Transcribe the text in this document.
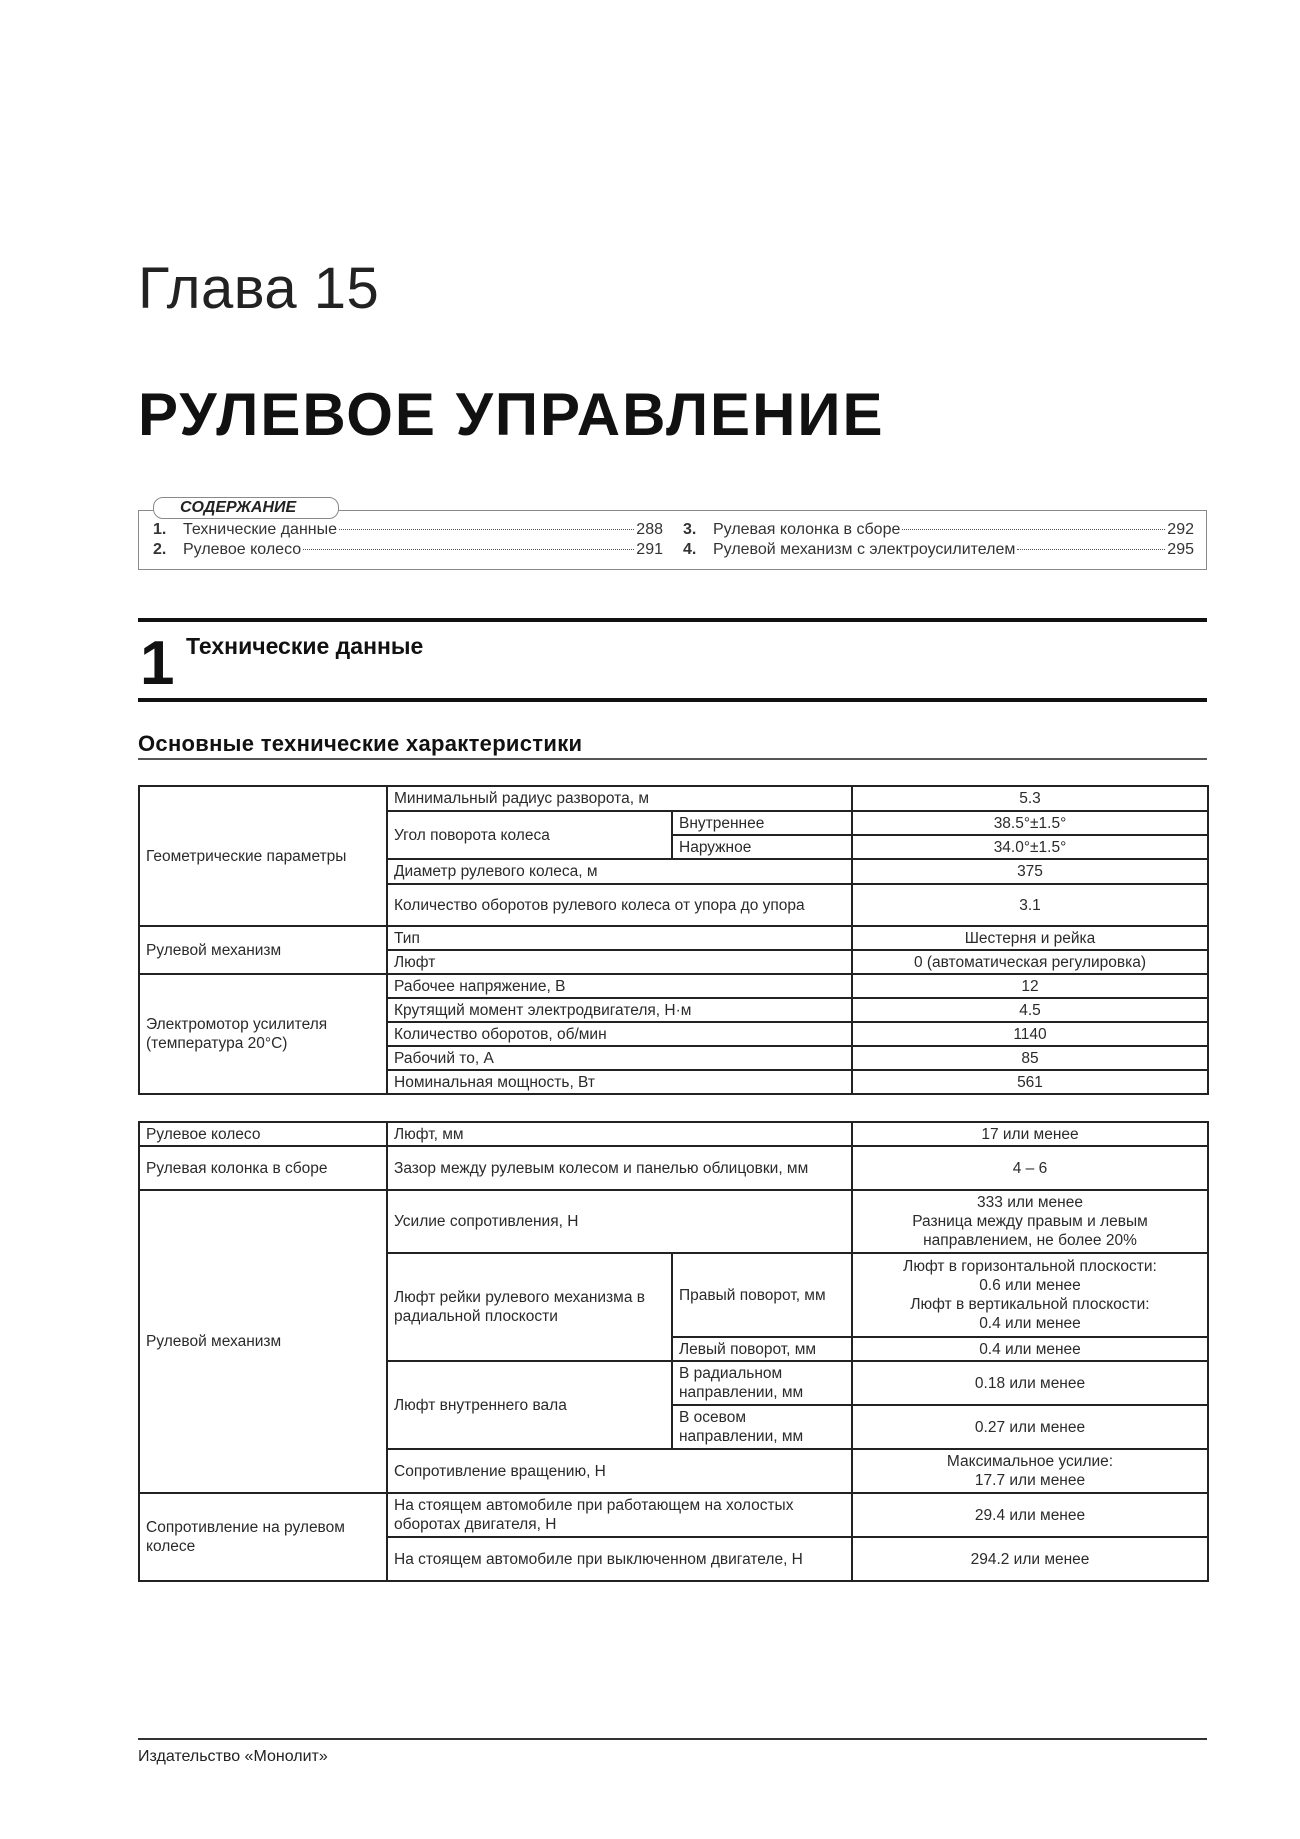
Глава 15
РУЛЕВОЕ УПРАВЛЕНИЕ
СОДЕРЖАНИЕ
1.	Технические данные	288
2.	Рулевое колесо	291
3.	Рулевая колонка в сборе	292
4.	Рулевой механизм с электроусилителем	295
1 Технические данные
Основные технические характеристики
Геометрические параметры	Минимальный радиус разворота, м		5.3
	Угол поворота колеса	Внутреннее	38.5°±1.5°
		Наружное	34.0°±1.5°
	Диаметр рулевого колеса, м		375
	Количество оборотов рулевого колеса от упора до упора		3.1
Рулевой механизм	Тип		Шестерня и рейка
	Люфт		0 (автоматическая регулировка)
Электромотор усилителя (температура 20°С)	Рабочее напряжение, В		12
	Крутящий момент электродвигателя, Н·м		4.5
	Количество оборотов, об/мин		1140
	Рабочий то, А		85
	Номинальная мощность, Вт		561
Рулевое колесо	Люфт, мм		17 или менее
Рулевая колонка в сборе	Зазор между рулевым колесом и панелью облицовки, мм		4 – 6
Рулевой механизм	Усилие сопротивления, Н		333 или менее
Разница между правым и левым направлением, не более 20%

	Люфт рейки рулевого механизма в радиальной плоскости	Правый поворот, мм	Люфт в горизонтальной плоскости:
0.6 или менее
Люфт в вертикальной плоскости:
0.4 или менее

		Левый поворот, мм	0.4 или менее
	Люфт внутреннего вала	В радиальном направлении, мм	0.18 или менее
		В осевом направлении, мм	0.27 или менее
	Сопротивление вращению, Н		Максимальное усилие:
17.7 или менее

Сопротивление на рулевом колесе	На стоящем автомобиле при работающем на холостых оборотах двигателя, Н		29.4 или менее
	На стоящем автомобиле при выключенном двигателе, Н		294.2 или менее
Издательство «Монолит»
